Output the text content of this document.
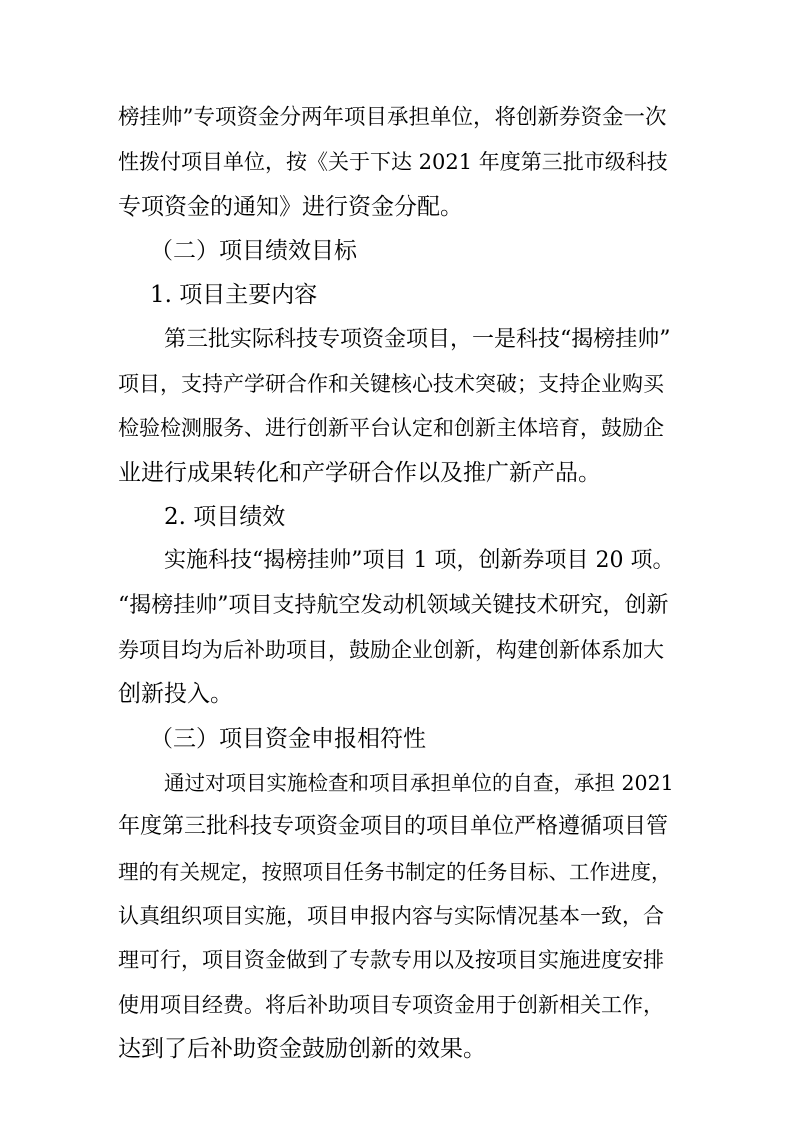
榜挂帅”专项资金分两年项目承担单位，将创新券资金一次

性拨付项目单位，按《关于下达 2021 年度第三批市级科技

专项资金的通知》进行资金分配。

（二）项目绩效目标

1. 项目主要内容

第三批实际科技专项资金项目，一是科技“揭榜挂帅”

项目，支持产学研合作和关键核心技术突破；支持企业购买

检验检测服务、进行创新平台认定和创新主体培育，鼓励企

业进行成果转化和产学研合作以及推广新产品。

2. 项目绩效

实施科技“揭榜挂帅”项目 1 项，创新券项目 20 项。

“揭榜挂帅”项目支持航空发动机领域关键技术研究，创新

券项目均为后补助项目，鼓励企业创新，构建创新体系加大

创新投入。

（三）项目资金申报相符性

通过对项目实施检查和项目承担单位的自查，承担 2021

年度第三批科技专项资金项目的项目单位严格遵循项目管

理的有关规定，按照项目任务书制定的任务目标、工作进度，

认真组织项目实施，项目申报内容与实际情况基本一致，合

理可行，项目资金做到了专款专用以及按项目实施进度安排

使用项目经费。将后补助项目专项资金用于创新相关工作，

达到了后补助资金鼓励创新的效果。
